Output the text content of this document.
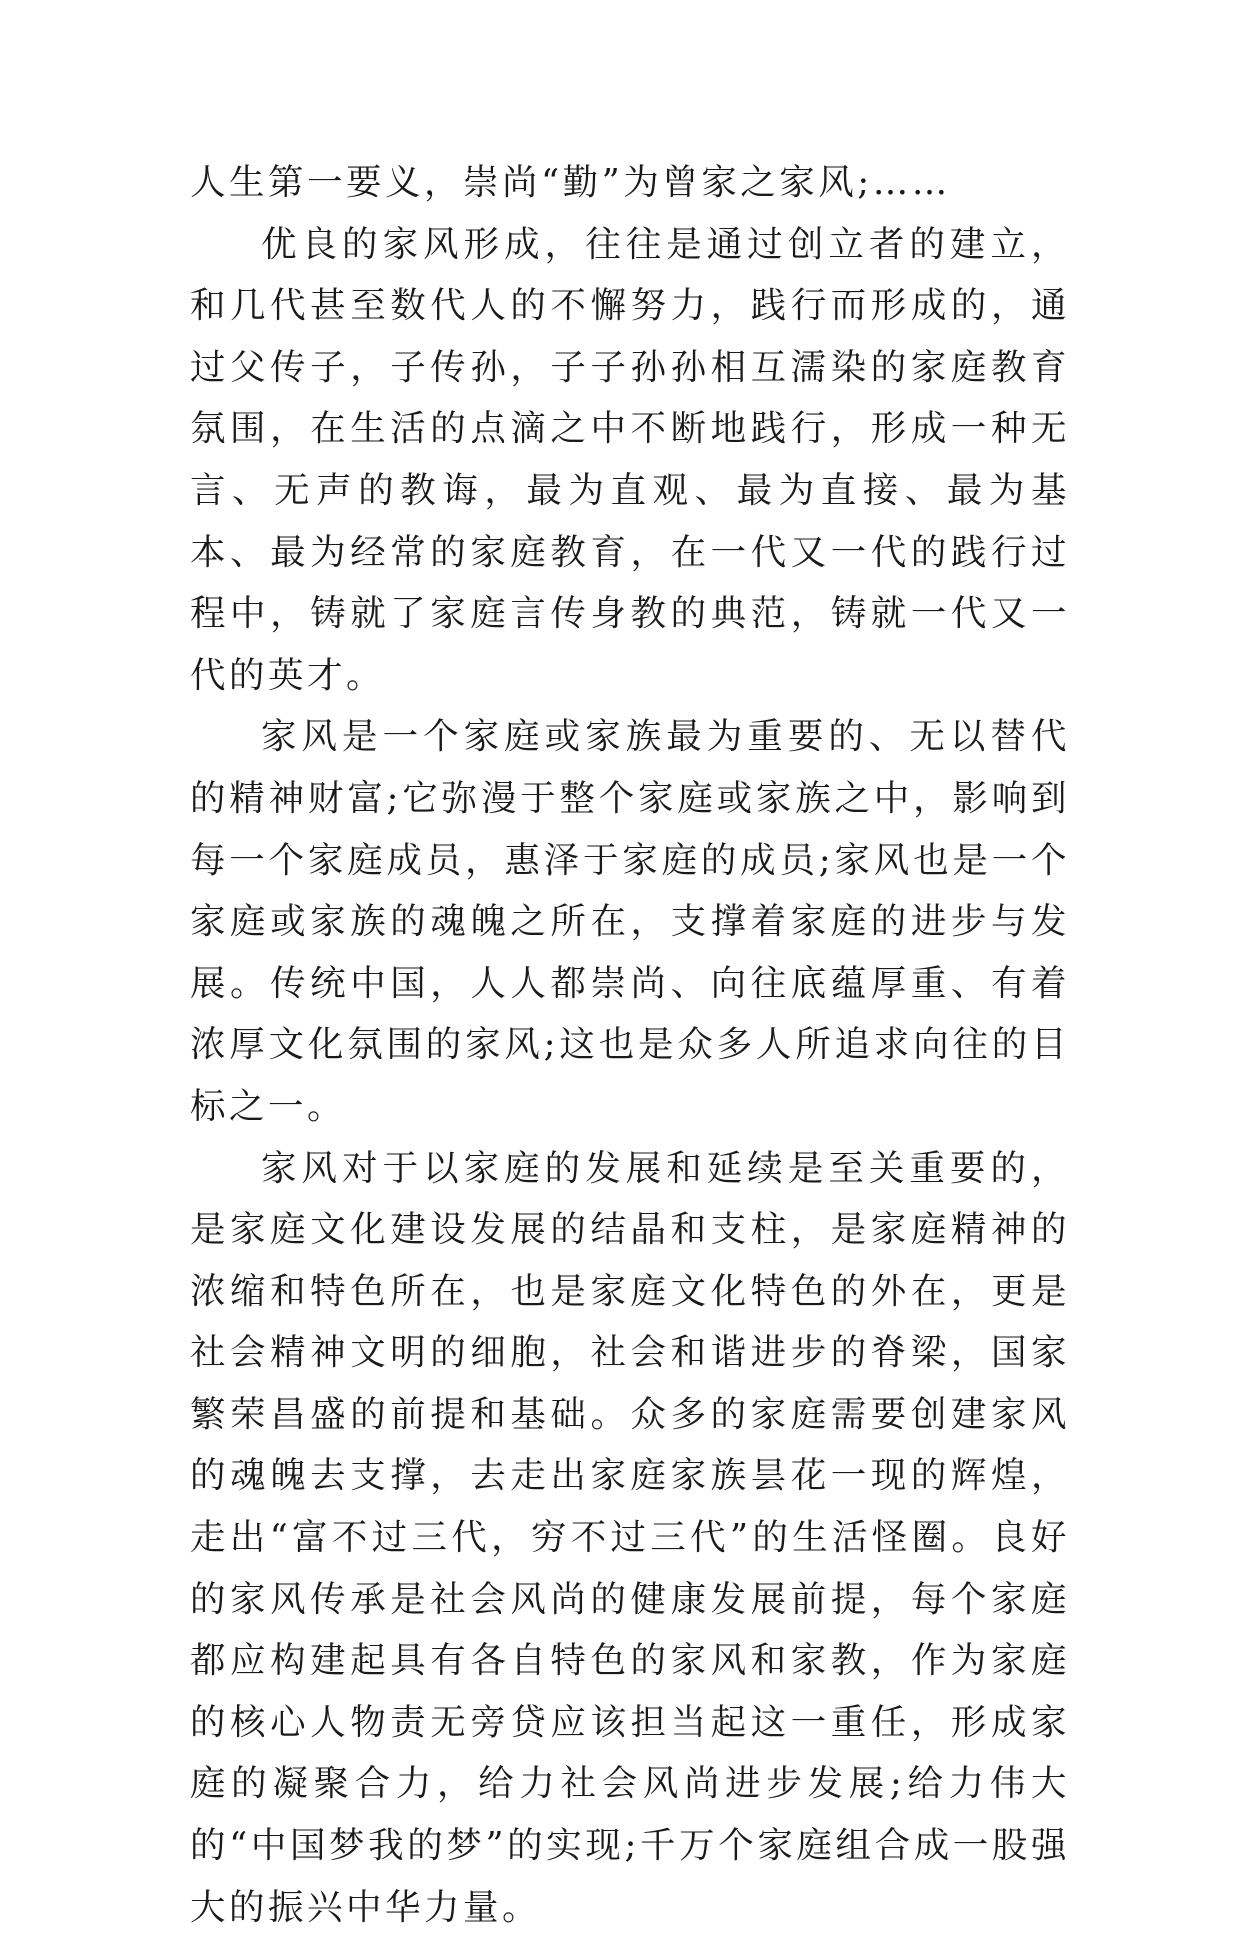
人生第一要义，崇尚“勤”为曾家之家风;……

优良的家风形成，往往是通过创立者的建立，和几代甚至数代人的不懈努力，践行而形成的，通过父传子，子传孙，子子孙孙相互濡染的家庭教育氛围，在生活的点滴之中不断地践行，形成一种无言、无声的教诲，最为直观、最为直接、最为基本、最为经常的家庭教育，在一代又一代的践行过程中，铸就了家庭言传身教的典范，铸就一代又一代的英才。

家风是一个家庭或家族最为重要的、无以替代的精神财富;它弥漫于整个家庭或家族之中，影响到每一个家庭成员，惠泽于家庭的成员;家风也是一个家庭或家族的魂魄之所在，支撑着家庭的进步与发展。传统中国，人人都崇尚、向往底蕴厚重、有着浓厚文化氛围的家风;这也是众多人所追求向往的目标之一。

家风对于以家庭的发展和延续是至关重要的，是家庭文化建设发展的结晶和支柱，是家庭精神的浓缩和特色所在，也是家庭文化特色的外在，更是社会精神文明的细胞，社会和谐进步的脊梁，国家繁荣昌盛的前提和基础。众多的家庭需要创建家风的魂魄去支撑，去走出家庭家族昙花一现的辉煌，走出“富不过三代，穷不过三代”的生活怪圈。良好的家风传承是社会风尚的健康发展前提，每个家庭都应构建起具有各自特色的家风和家教，作为家庭的核心人物责无旁贷应该担当起这一重任，形成家庭的凝聚合力，给力社会风尚进步发展;给力伟大的“中国梦我的梦”的实现;千万个家庭组合成一股强大的振兴中华力量。
